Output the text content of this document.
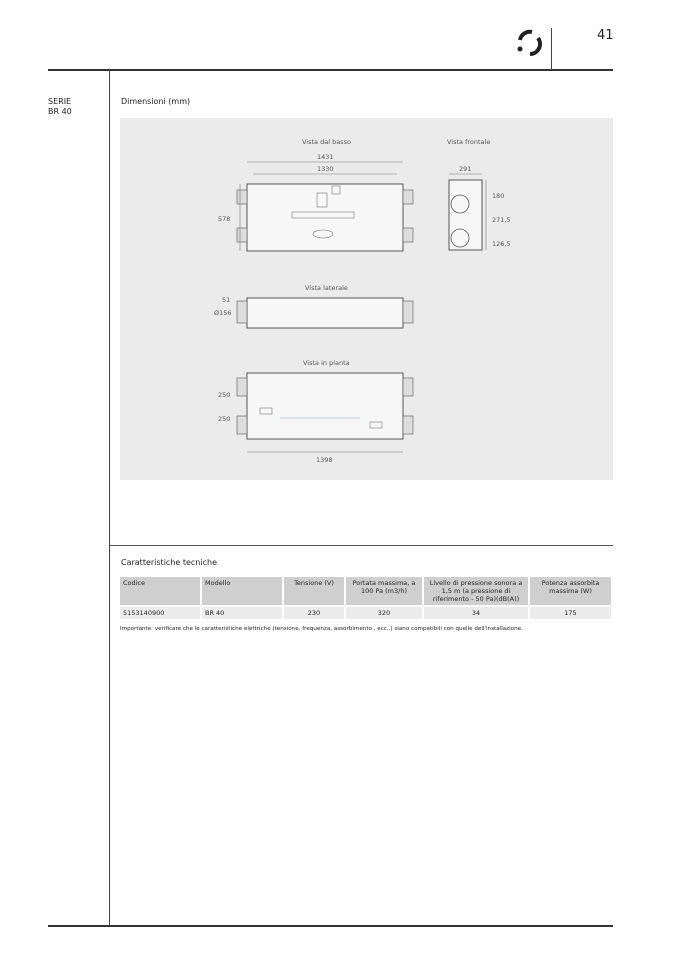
41
SERIE
BR 40
Dimensioni (mm)
Vista dal basso
1431
1330
578
Vista frontale
291
180
271,5
126,5
Vista laterale
51
Ø156
Vista in pianta
250
250
1398
Caratteristiche tecniche
Codice	Modello	Tensione (V)	Portata massima, a 100 Pa (m3/h)	Livello di pressione sonora a 1,5 m (a pressione di riferimento - 50 Pa)(dB(A))	Potenza assorbita massima (W)
5153140900	BR 40	230	320	34	175
Importante: verificare che le caratteristiche elettriche (tensione, frequenza, assorbimento , ecc..) siano compatibili con quelle dell'installazione.
